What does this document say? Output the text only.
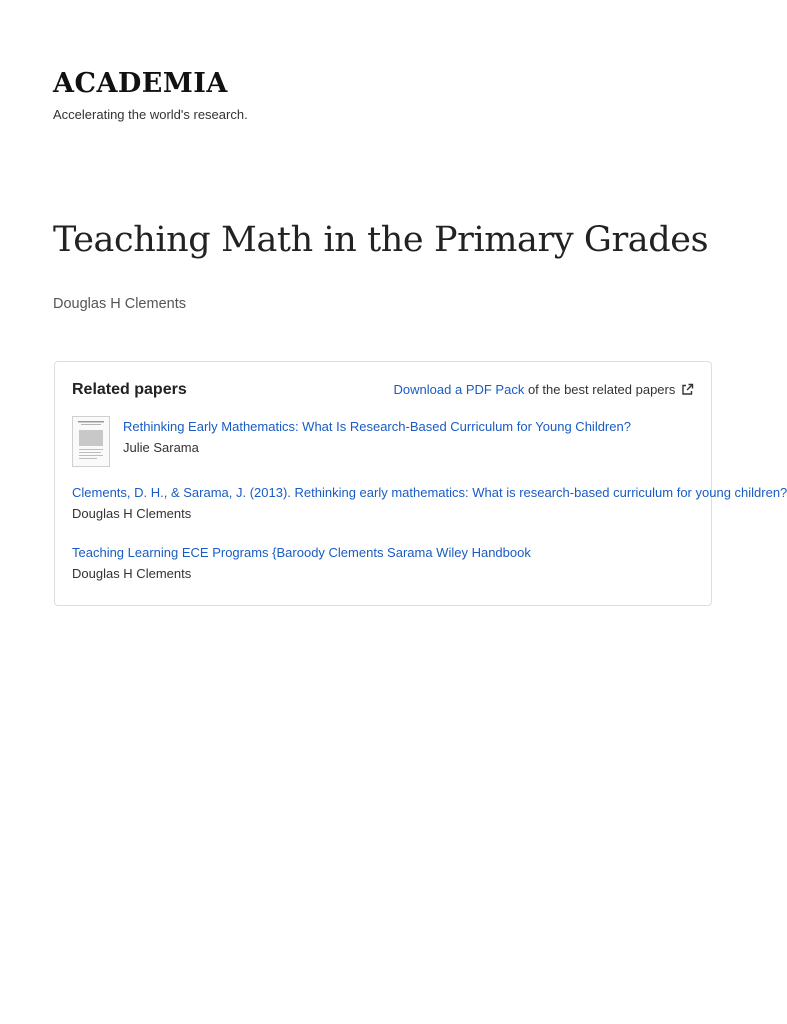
ACADEMIA
Accelerating the world's research.
Teaching Math in the Primary Grades
Douglas H Clements
Related papers	Download a PDF Pack of the best related papers
Rethinking Early Mathematics: What Is Research-Based Curriculum for Young Children?
Julie Sarama
Clements, D. H., & Sarama, J. (2013). Rethinking early mathematics: What is research-based curriculum for young children?
Douglas H Clements
Teaching Learning ECE Programs {Baroody Clements Sarama Wiley Handbook
Douglas H Clements
